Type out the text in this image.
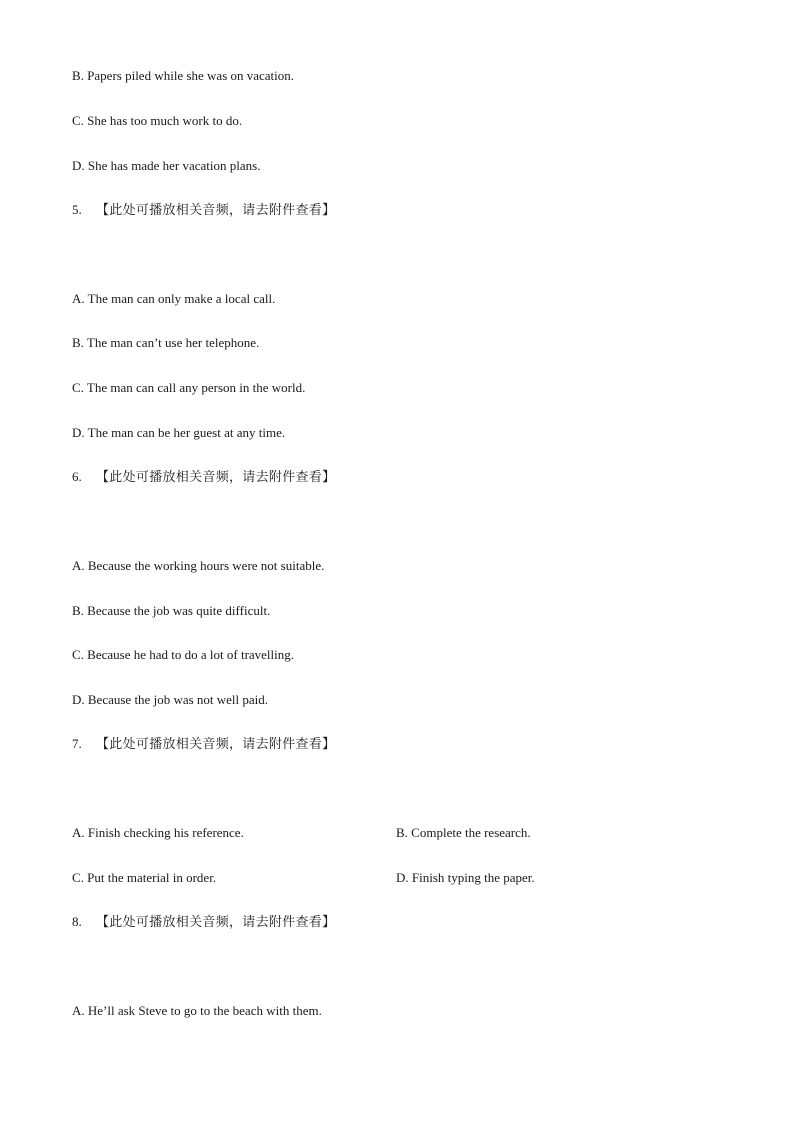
B. Papers piled while she was on vacation.
C. She has too much work to do.
D. She has made her vacation plans.
5. 【此处可播放相关音频，请去附件查看】
A. The man can only make a local call.
B. The man can’t use her telephone.
C. The man can call any person in the world.
D. The man can be her guest at any time.
6. 【此处可播放相关音频，请去附件查看】
A. Because the working hours were not suitable.
B. Because the job was quite difficult.
C. Because he had to do a lot of travelling.
D. Because the job was not well paid.
7. 【此处可播放相关音频，请去附件查看】
A. Finish checking his reference.	B. Complete the research.
C. Put the material in order.	D. Finish typing the paper.
8. 【此处可播放相关音频，请去附件查看】
A. He’ll ask Steve to go to the beach with them.
